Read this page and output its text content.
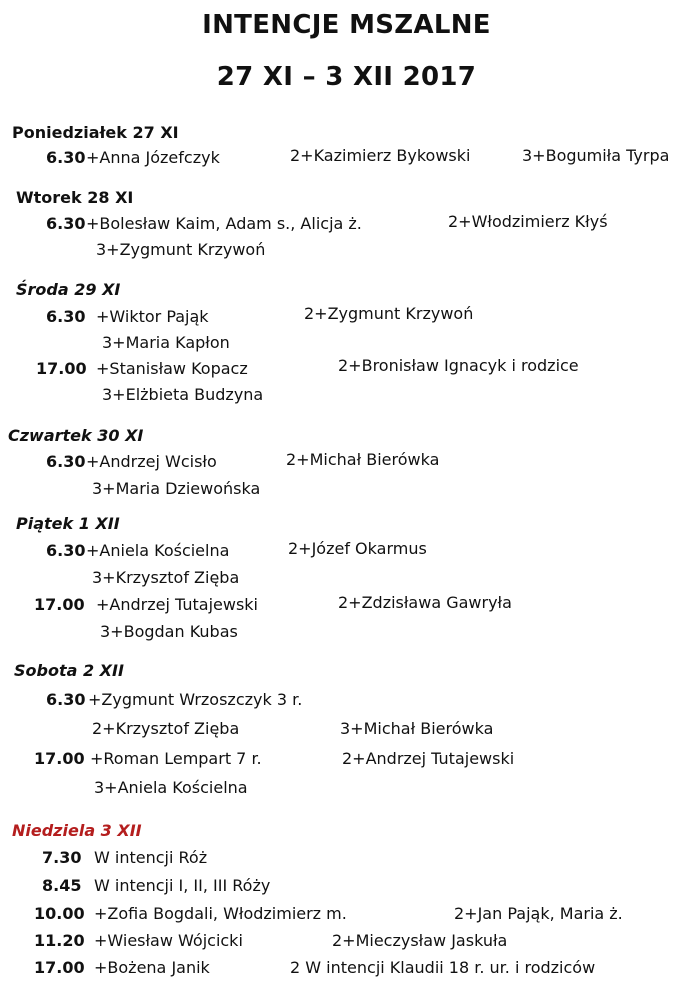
INTENCJE MSZALNE
27 XI – 3 XII 2017
Poniedziałek 27 XI
6.30 +Anna Józefczyk	2+Kazimierz Bykowski	3+Bogumiła Tyrpa
Wtorek 28 XI
6.30 +Bolesław Kaim, Adam s., Alicja ż.	2+Włodzimierz Kłyś
3+Zygmunt Krzywoń
Środa 29 XI
6.30 +Wiktor Pająk	2+Zygmunt Krzywoń
3+Maria Kapłon
17.00 +Stanisław Kopacz	2+Bronisław Ignacyk i rodzice
3+Elżbieta Budzyna
Czwartek 30 XI
6.30 +Andrzej Wcisło	2+Michał Bierówka
3+Maria Dziewońska
Piątek 1 XII
6.30 +Aniela Kościelna	2+Józef Okarmus
3+Krzysztof Zięba
17.00 +Andrzej Tutajewski	2+Zdzisława Gawryła
3+Bogdan Kubas
Sobota 2 XII
6.30 +Zygmunt Wrzoszczyk 3 r.
2+Krzysztof Zięba	3+Michał Bierówka
17.00 +Roman Lempart 7 r.	2+Andrzej Tutajewski
3+Aniela Kościelna
Niedziela 3 XII
7.30 W intencji Róż
8.45 W intencji I, II, III Róży
10.00 +Zofia Bogdali, Włodzimierz m.	2+Jan Pająk, Maria ż.
11.20 +Wiesław Wójcicki	2+Mieczysław Jaskuła
17.00 +Bożena Janik	2 W intencji Klaudii 18 r. ur. i rodziców
